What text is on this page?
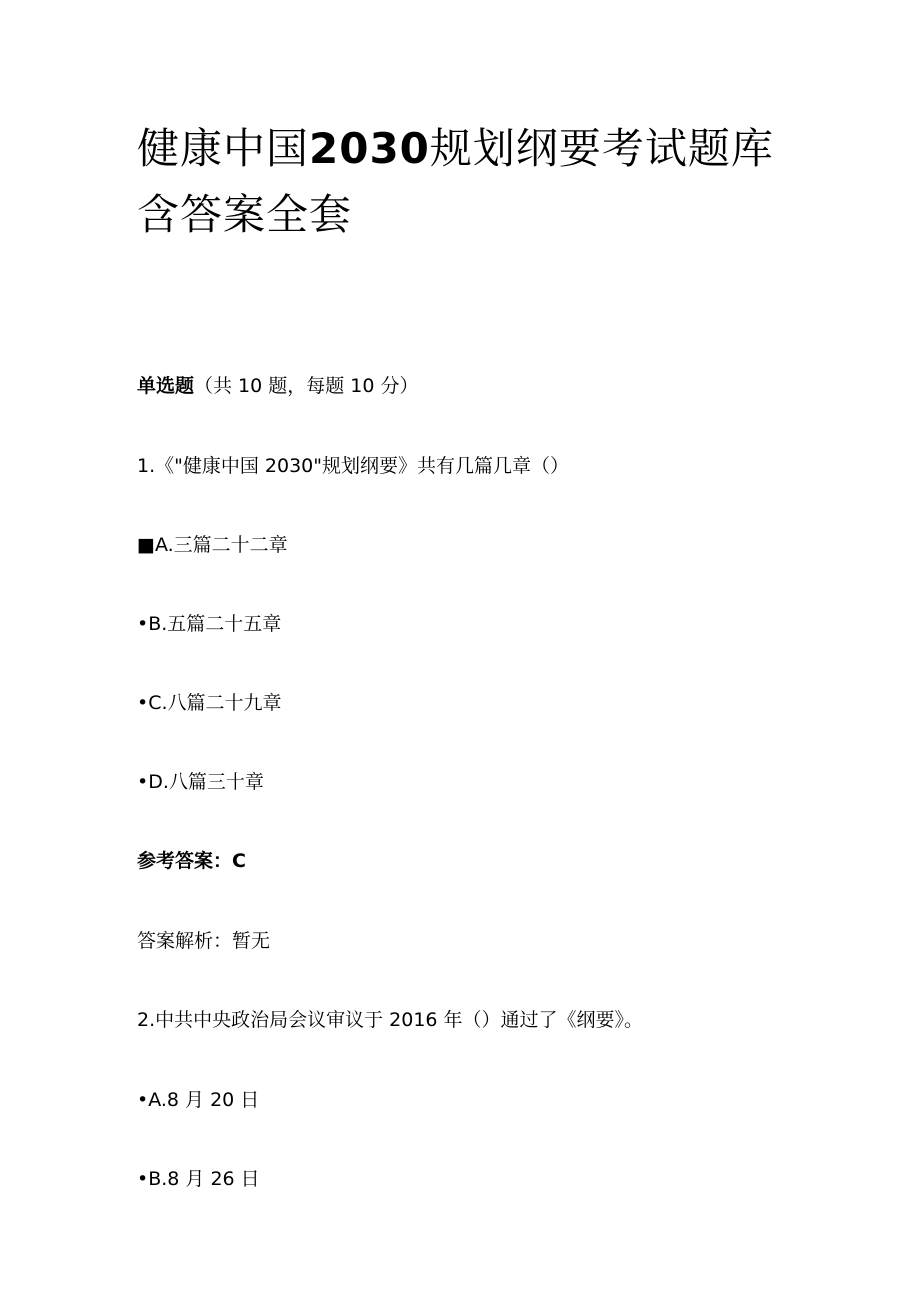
健康中国2030规划纲要考试题库
含答案全套
单选题（共 10 题，每题 10 分）
1.《"健康中国 2030"规划纲要》共有几篇几章（）
■A.三篇二十二章
•B.五篇二十五章
•C.八篇二十九章
•D.八篇三十章
参考答案：C
答案解析：暂无
2.中共中央政治局会议审议于 2016 年（）通过了《纲要》。
•A.8 月 20 日
•B.8 月 26 日
